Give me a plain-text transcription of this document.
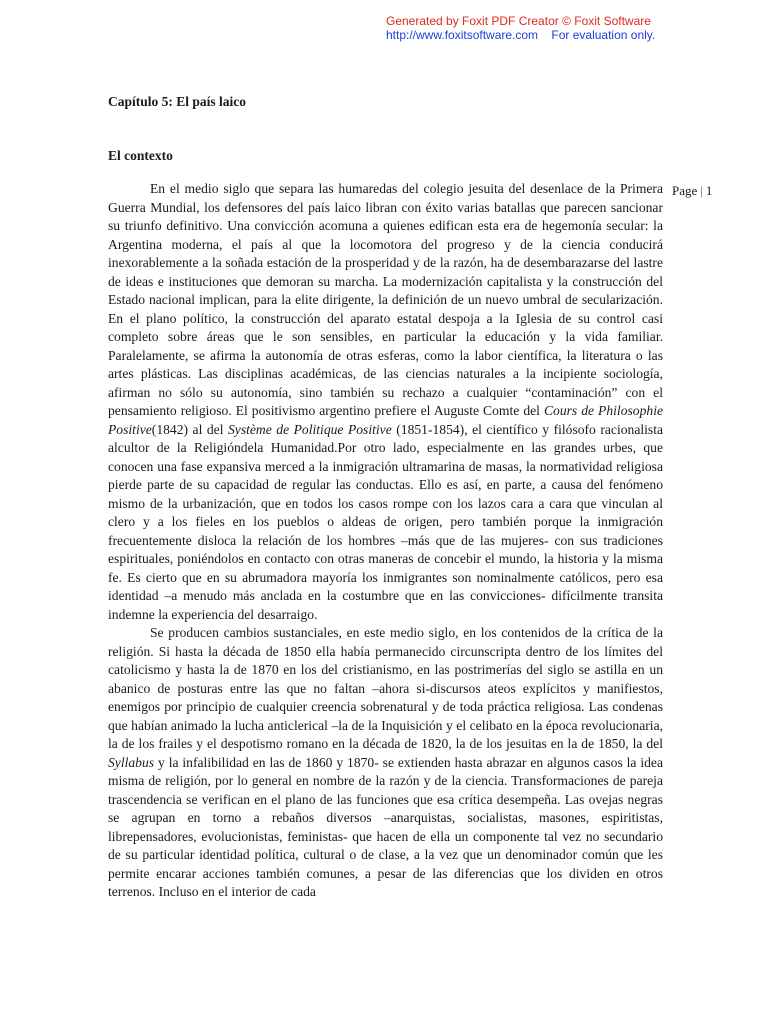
Generated by Foxit PDF Creator © Foxit Software
http://www.foxitsoftware.com For evaluation only.
Capítulo 5: El país laico
El contexto
Page | 1

En el medio siglo que separa las humaredas del colegio jesuita del desenlace de la Primera Guerra Mundial, los defensores del país laico libran con éxito varias batallas que parecen sancionar su triunfo definitivo. Una convicción acomuna a quienes edifican esta era de hegemonía secular: la Argentina moderna, el país al que la locomotora del progreso y de la ciencia conducirá inexorablemente a la soñada estación de la prosperidad y de la razón, ha de desembarazarse del lastre de ideas e instituciones que demoran su marcha. La modernización capitalista y la construcción del Estado nacional implican, para la elite dirigente, la definición de un nuevo umbral de secularización. En el plano político, la construcción del aparato estatal despoja a la Iglesia de su control casi completo sobre áreas que le son sensibles, en particular la educación y la vida familiar. Paralelamente, se afirma la autonomía de otras esferas, como la labor científica, la literatura o las artes plásticas. Las disciplinas académicas, de las ciencias naturales a la incipiente sociología, afirman no sólo su autonomía, sino también su rechazo a cualquier “contaminación” con el pensamiento religioso. El positivismo argentino prefiere el Auguste Comte del Cours de Philosophie Positive(1842) al del Système de Politique Positive (1851-1854), el científico y filósofo racionalista alcultor de la Religióndela Humanidad.Por otro lado, especialmente en las grandes urbes, que conocen una fase expansiva merced a la inmigración ultramarina de masas, la normatividad religiosa pierde parte de su capacidad de regular las conductas. Ello es así, en parte, a causa del fenómeno mismo de la urbanización, que en todos los casos rompe con los lazos cara a cara que vinculan al clero y a los fieles en los pueblos o aldeas de origen, pero también porque la inmigración frecuentemente disloca la relación de los hombres –más que de las mujeres- con sus tradiciones espirituales, poniéndolos en contacto con otras maneras de concebir el mundo, la historia y la misma fe. Es cierto que en su abrumadora mayoría los inmigrantes son nominalmente católicos, pero esa identidad –a menudo más anclada en la costumbre que en las convicciones- difícilmente transita indemne la experiencia del desarraigo.

Se producen cambios sustanciales, en este medio siglo, en los contenidos de la crítica de la religión. Si hasta la década de 1850 ella había permanecido circunscripta dentro de los límites del catolicismo y hasta la de 1870 en los del cristianismo, en las postrimerías del siglo se astilla en un abanico de posturas entre las que no faltan –ahora si-discursos ateos explícitos y manifiestos, enemigos por principio de cualquier creencia sobrenatural y de toda práctica religiosa. Las condenas que habían animado la lucha anticlerical –la de la Inquisición y el celibato en la época revolucionaria, la de los frailes y el despotismo romano en la década de 1820, la de los jesuitas en la de 1850, la del Syllabus y la infalibilidad en las de 1860 y 1870- se extienden hasta abrazar en algunos casos la idea misma de religión, por lo general en nombre de la razón y de la ciencia. Transformaciones de pareja trascendencia se verifican en el plano de las funciones que esa crítica desempeña. Las ovejas negras se agrupan en torno a rebaños diversos –anarquistas, socialistas, masones, espiritistas, librepensadores, evolucionistas, feministas- que hacen de ella un componente tal vez no secundario de su particular identidad política, cultural o de clase, a la vez que un denominador común que les permite encarar acciones también comunes, a pesar de las diferencias que los dividen en otros terrenos. Incluso en el interior de cada
